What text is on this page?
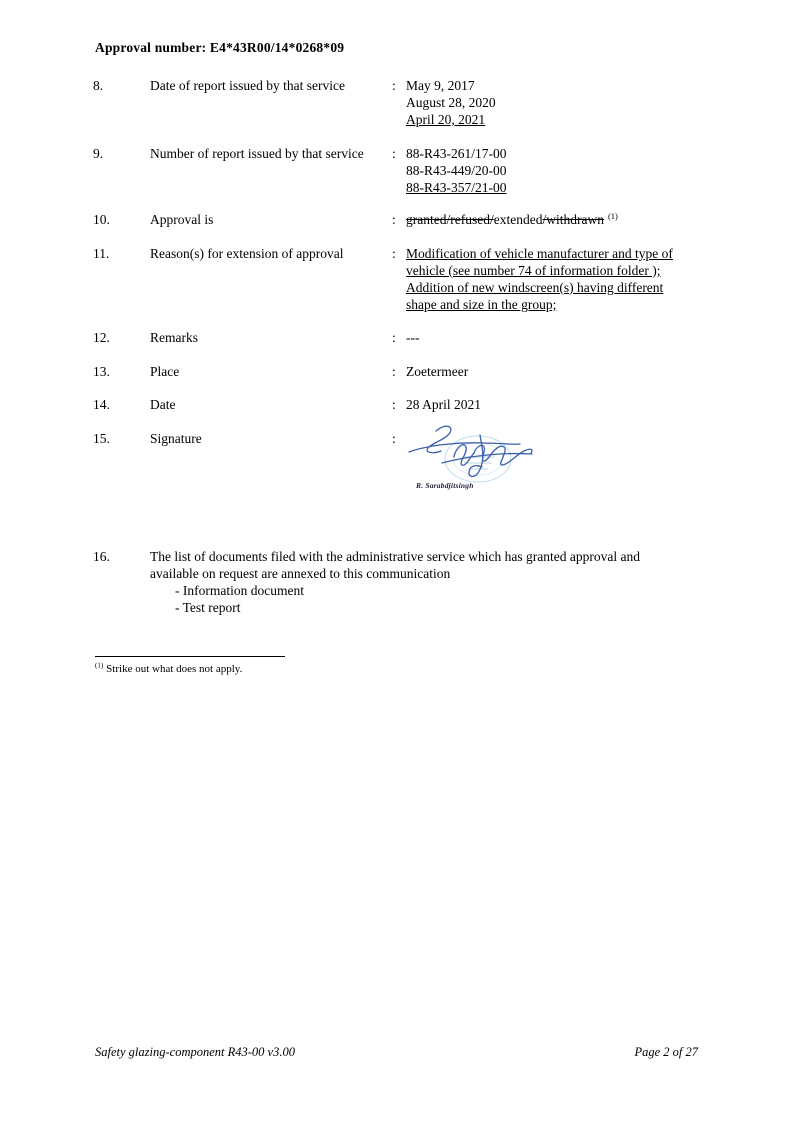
Approval number: E4*43R00/14*0268*09
8.	Date of report issued by that service	: May 9, 2017
August 28, 2020
April 20, 2021
9.	Number of report issued by that service	: 88-R43-261/17-00
88-R43-449/20-00
88-R43-357/21-00
10.	Approval is	: granted/refused/extended/withdrawn $^{(1)}$
11.	Reason(s) for extension of approval	: Modification of vehicle manufacturer and type of
vehicle (see number 74 of information folder );
Addition of new windscreen(s) having different
shape and size in the group;
12.	Remarks	: ---
13.	Place	: Zoetermeer
14.	Date	: 28 April 2021
15.	Signature	:
R. Sarabdjitsingh
16.	The list of documents filed with the administrative service which has granted approval and
available on request are annexed to this communication
- Information document
- Test report
$^{(1)}$ Strike out what does not apply.
Safety glazing-component R43-00 v3.00	Page 2 of 27
